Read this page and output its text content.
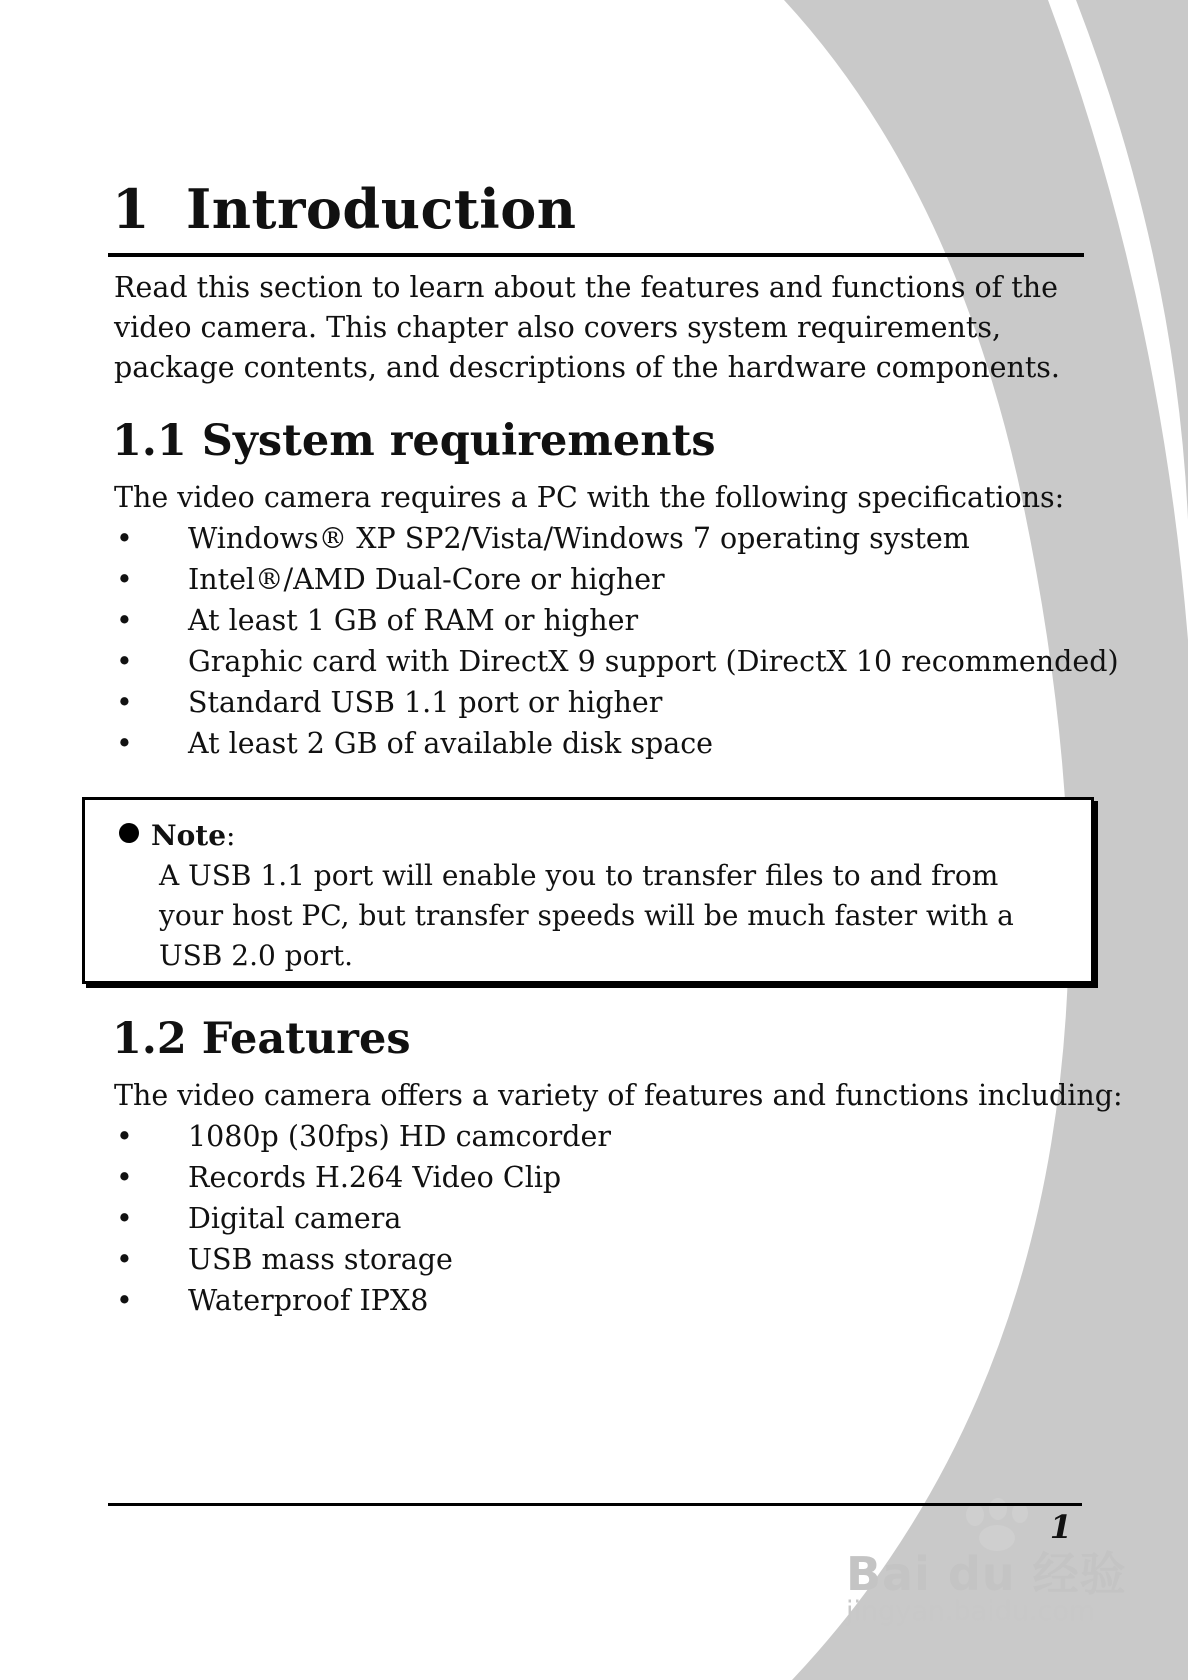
1 Introduction
Read this section to learn about the features and functions of the
video camera. This chapter also covers system requirements,
package contents, and descriptions of the hardware components.
1.1 System requirements
The video camera requires a PC with the following specifications:
•	Windows® XP SP2/Vista/Windows 7 operating system
•	Intel®/AMD Dual-Core or higher
•	At least 1 GB of RAM or higher
•	Graphic card with DirectX 9 support (DirectX 10 recommended)
•	Standard USB 1.1 port or higher
•	At least 2 GB of available disk space
Note:
A USB 1.1 port will enable you to transfer files to and from
your host PC, but transfer speeds will be much faster with a
USB 2.0 port.
1.2 Features
The video camera offers a variety of features and functions including:
•	1080p (30fps) HD camcorder
•	Records H.264 Video Clip
•	Digital camera
•	USB mass storage
•	Waterproof IPX8
1
Bai du 经验
jingyan.baidu.com
